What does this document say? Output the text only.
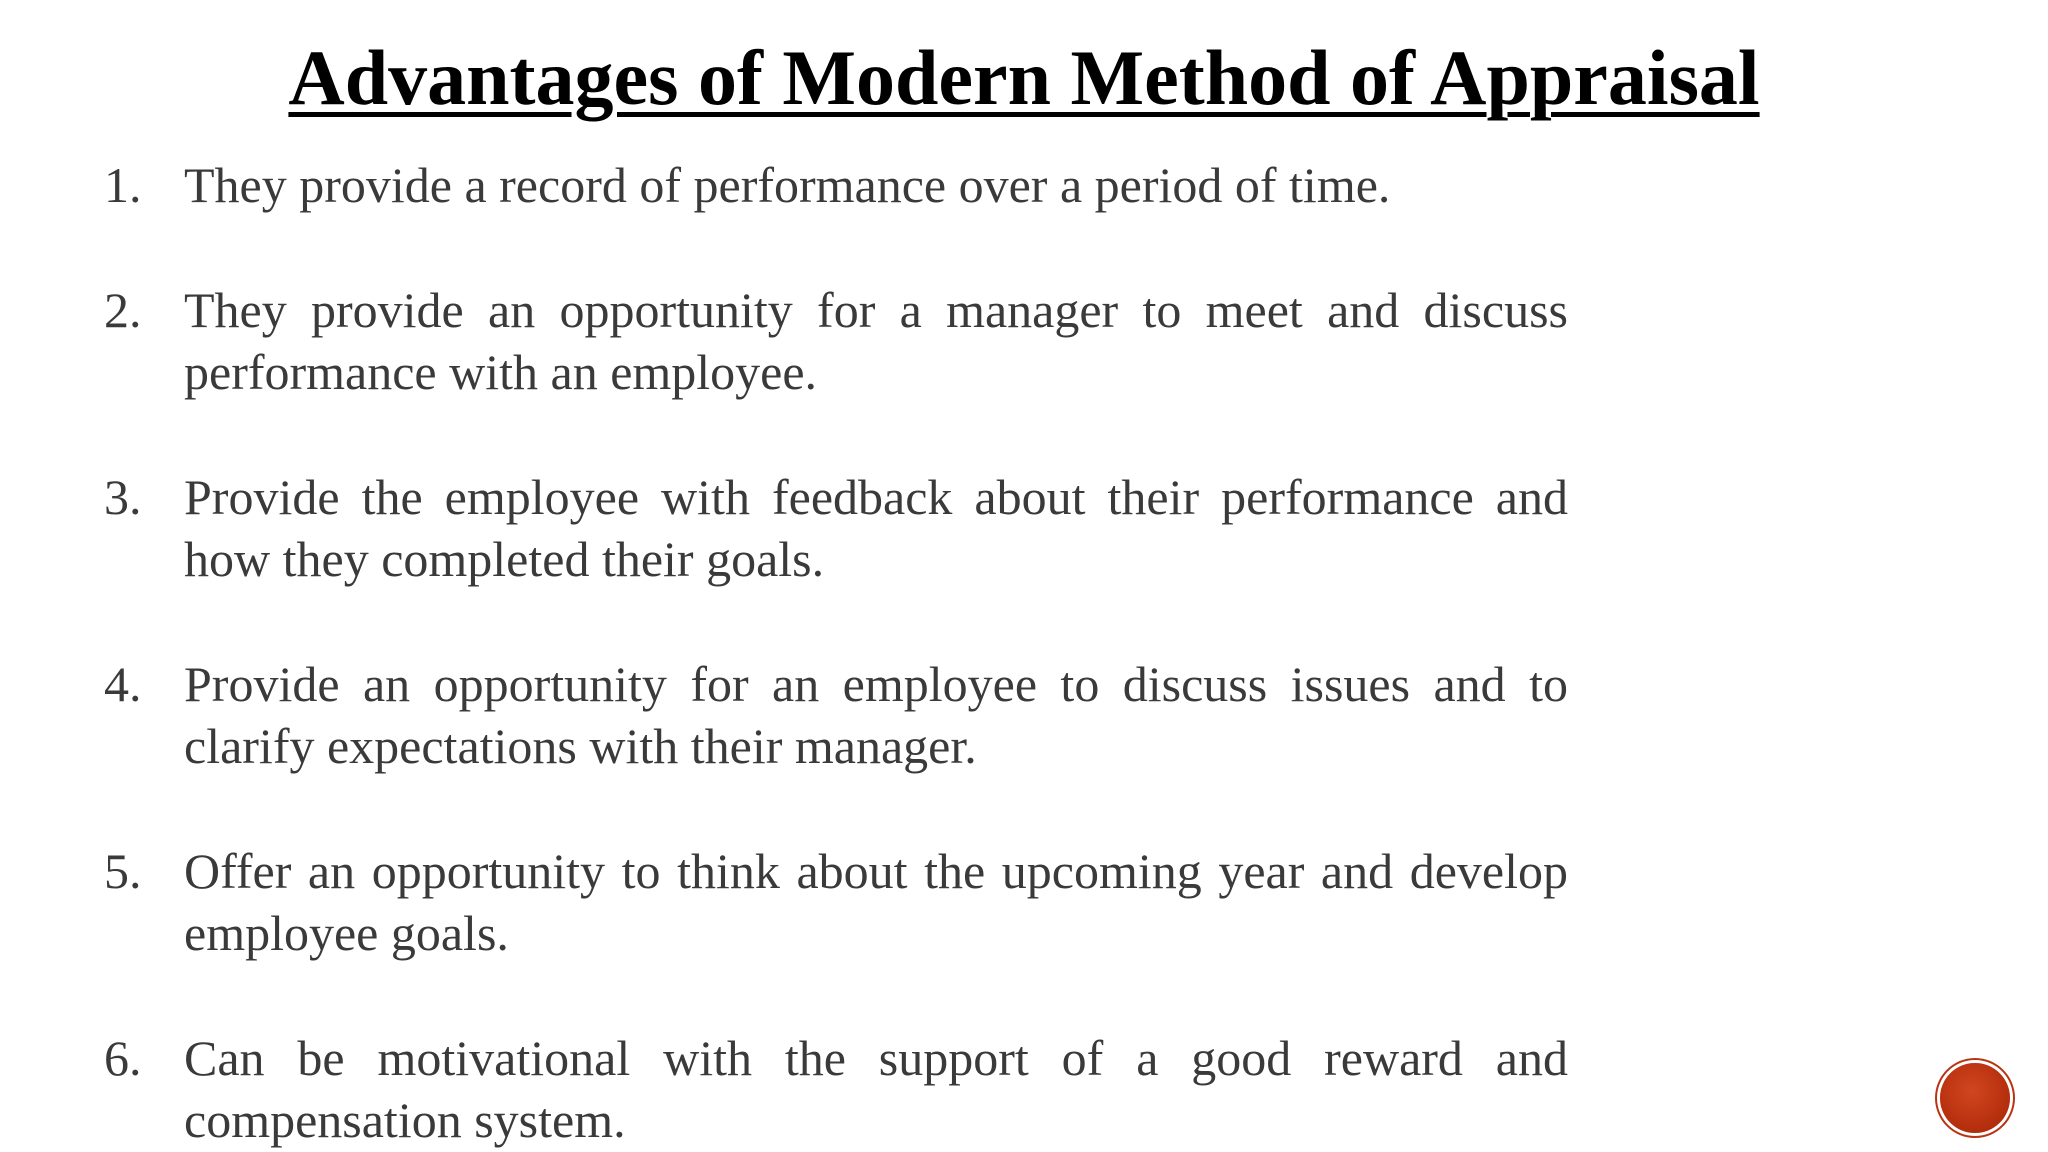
Advantages of Modern Method of Appraisal
1. They provide a record of performance over a period of time.
2. They provide an opportunity for a manager to meet and discuss performance with an employee.
3. Provide the employee with feedback about their performance and how they completed their goals.
4. Provide an opportunity for an employee to discuss issues and to clarify expectations with their manager.
5. Offer an opportunity to think about the upcoming year and develop employee goals.
6. Can be motivational with the support of a good reward and compensation system.
